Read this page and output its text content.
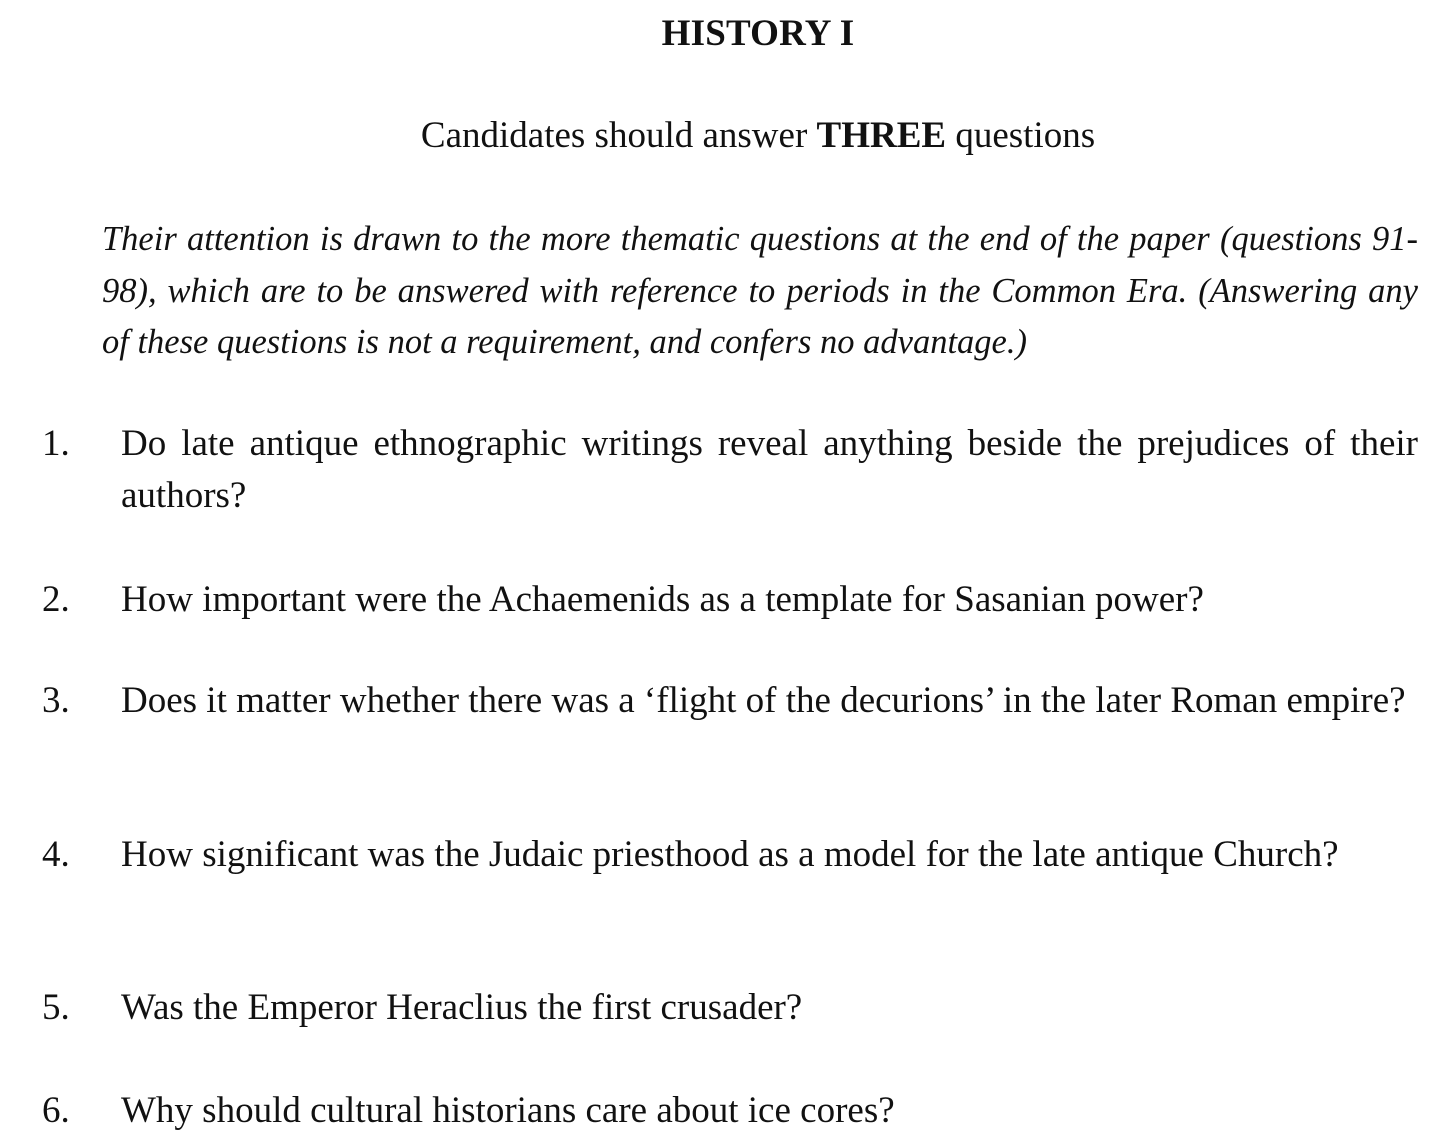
HISTORY I
Candidates should answer THREE questions
Their attention is drawn to the more thematic questions at the end of the paper (questions 91-98), which are to be answered with reference to periods in the Common Era. (Answering any of these questions is not a requirement, and confers no advantage.)
1. Do late antique ethnographic writings reveal anything beside the prejudices of their authors?
2. How important were the Achaemenids as a template for Sasanian power?
3. Does it matter whether there was a ‘flight of the decurions’ in the later Roman empire?
4. How significant was the Judaic priesthood as a model for the late antique Church?
5. Was the Emperor Heraclius the first crusader?
6. Why should cultural historians care about ice cores?
